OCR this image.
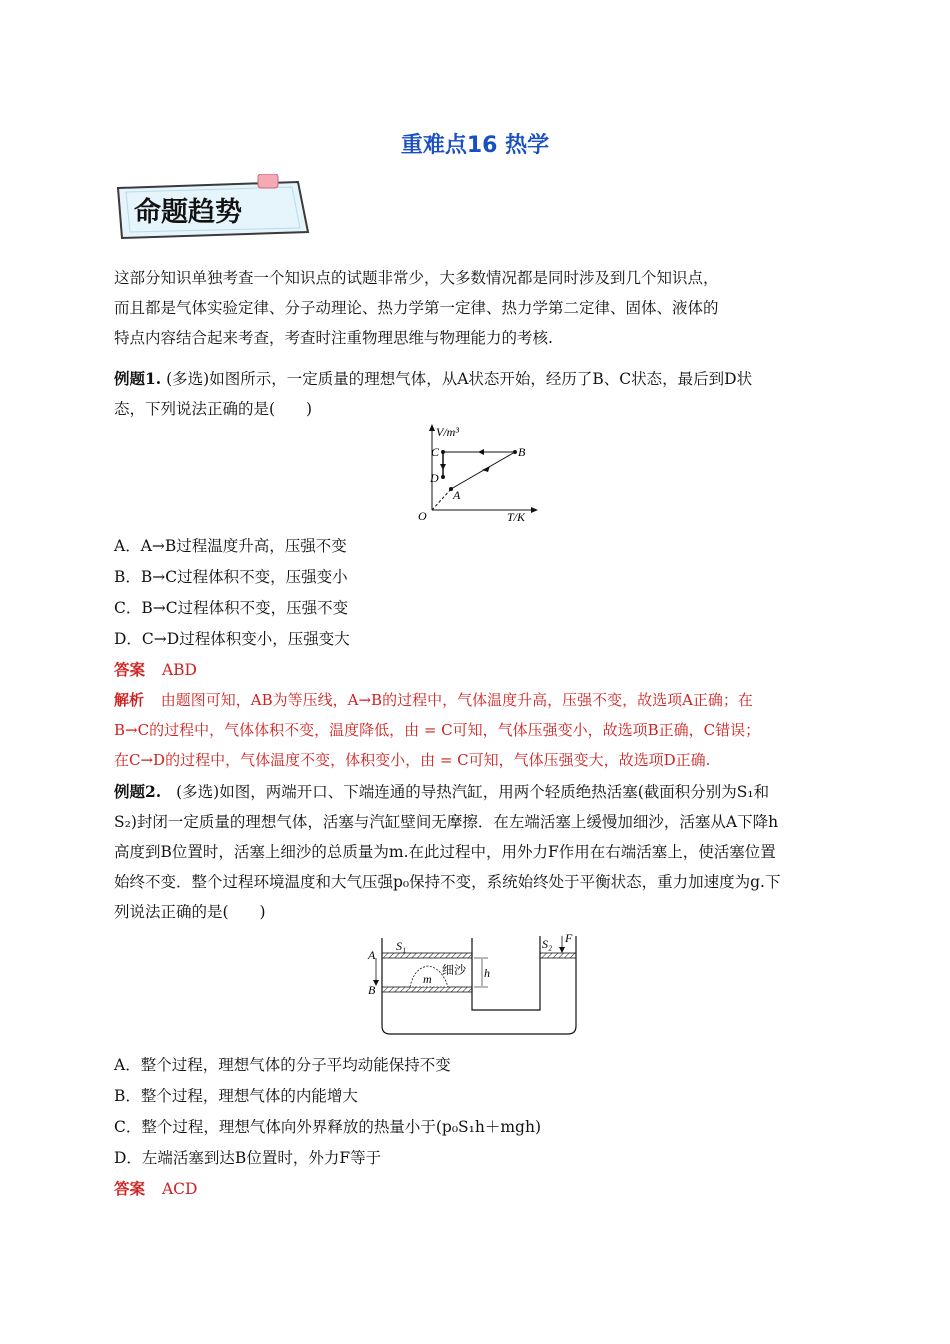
重难点16 热学
命题趋势
这部分知识单独考查一个知识点的试题非常少，大多数情况都是同时涉及到几个知识点，
而且都是气体实验定律、分子动理论、热力学第一定律、热力学第二定律、固体、液体的
特点内容结合起来考查，考查时注重物理思维与物理能力的考核.
例题1. (多选)如图所示，一定质量的理想气体，从A状态开始，经历了B、C状态，最后到D状
态，下列说法正确的是(　　)
V/m³
T/K
O
A
B
C
D
A．A→B过程温度升高，压强不变
B．B→C过程体积不变，压强变小
C．B→C过程体积不变，压强不变
D．C→D过程体积变小，压强变大
答案 ABD
解析 由题图可知，AB为等压线，A→B的过程中，气体温度升高，压强不变，故选项A正确；在
B→C的过程中，气体体积不变，温度降低，由 = C可知，气体压强变小，故选项B正确，C错误；
在C→D的过程中，气体温度不变，体积变小，由 = C可知，气体压强变大，故选项D正确.
例题2. (多选)如图，两端开口、下端连通的导热汽缸，用两个轻质绝热活塞(截面积分别为S₁和
S₂)封闭一定质量的理想气体，活塞与汽缸壁间无摩擦．在左端活塞上缓慢加细沙，活塞从A下降h
高度到B位置时，活塞上细沙的总质量为m.在此过程中，用外力F作用在右端活塞上，使活塞位置
始终不变．整个过程环境温度和大气压强p₀保持不变，系统始终处于平衡状态，重力加速度为g.下
列说法正确的是(　　)
S₁	S₂ F
A
B
h
细沙
m
A．整个过程，理想气体的分子平均动能保持不变
B．整个过程，理想气体的内能增大
C．整个过程，理想气体向外界释放的热量小于(p₀S₁h＋mgh)
D．左端活塞到达B位置时，外力F等于
答案 ACD
